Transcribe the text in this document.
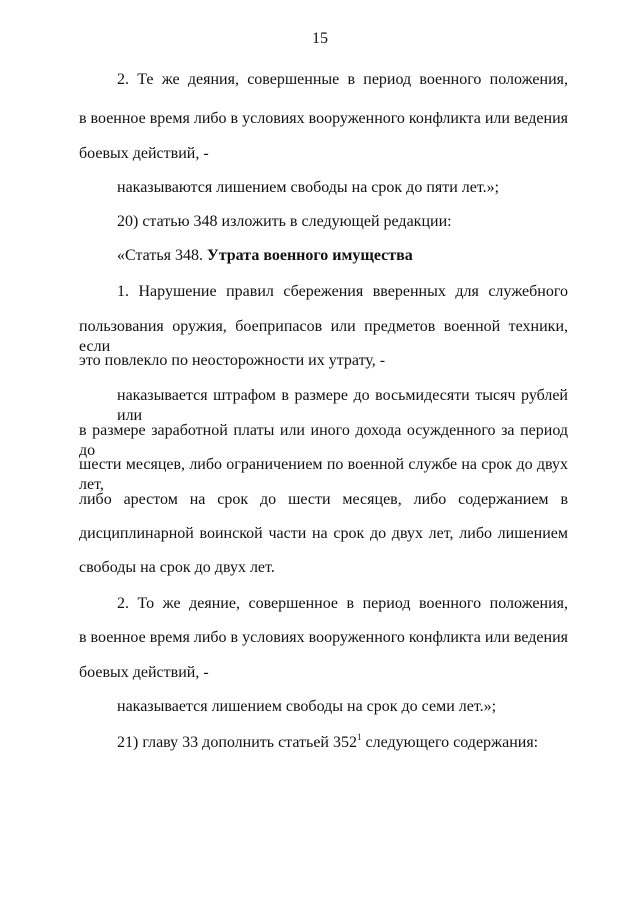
15
2. Те же деяния, совершенные в период военного положения,
в военное время либо в условиях вооруженного конфликта или ведения
боевых действий, -
наказываются лишением свободы на срок до пяти лет.»;
20) статью 348 изложить в следующей редакции:
«Статья 348. Утрата военного имущества
1. Нарушение правил сбережения вверенных для служебного
пользования оружия, боеприпасов или предметов военной техники, если
это повлекло по неосторожности их утрату, -
наказывается штрафом в размере до восьмидесяти тысяч рублей или
в размере заработной платы или иного дохода осужденного за период до
шести месяцев, либо ограничением по военной службе на срок до двух лет,
либо арестом на срок до шести месяцев, либо содержанием в
дисциплинарной воинской части на срок до двух лет, либо лишением
свободы на срок до двух лет.
2. То же деяние, совершенное в период военного положения,
в военное время либо в условиях вооруженного конфликта или ведения
боевых действий, -
наказывается лишением свободы на срок до семи лет.»;
21) главу 33 дополнить статьей $352^1$ следующего содержания:
